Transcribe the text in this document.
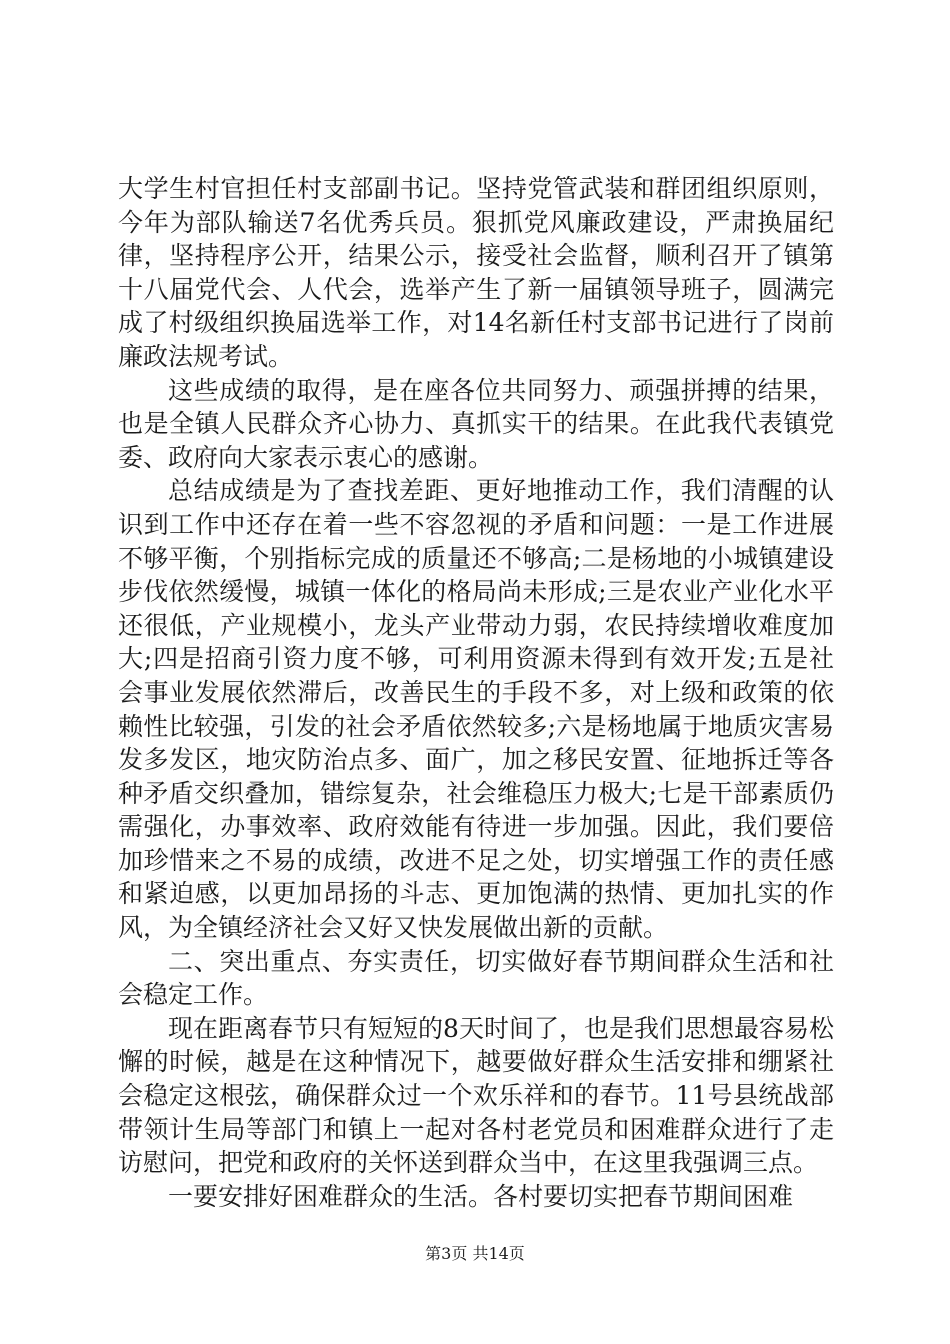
大学生村官担任村支部副书记。坚持党管武装和群团组织原则，今年为部队输送7名优秀兵员。狠抓党风廉政建设，严肃换届纪律，坚持程序公开，结果公示，接受社会监督，顺利召开了镇第十八届党代会、人代会，选举产生了新一届镇领导班子，圆满完成了村级组织换届选举工作，对14名新任村支部书记进行了岗前廉政法规考试。

这些成绩的取得，是在座各位共同努力、顽强拼搏的结果，也是全镇人民群众齐心协力、真抓实干的结果。在此我代表镇党委、政府向大家表示衷心的感谢。

总结成绩是为了查找差距、更好地推动工作，我们清醒的认识到工作中还存在着一些不容忽视的矛盾和问题：一是工作进展不够平衡，个别指标完成的质量还不够高;二是杨地的小城镇建设步伐依然缓慢，城镇一体化的格局尚未形成;三是农业产业化水平还很低，产业规模小，龙头产业带动力弱，农民持续增收难度加大;四是招商引资力度不够，可利用资源未得到有效开发;五是社会事业发展依然滞后，改善民生的手段不多，对上级和政策的依赖性比较强，引发的社会矛盾依然较多;六是杨地属于地质灾害易发多发区，地灾防治点多、面广，加之移民安置、征地拆迁等各种矛盾交织叠加，错综复杂，社会维稳压力极大;七是干部素质仍需强化，办事效率、政府效能有待进一步加强。因此，我们要倍加珍惜来之不易的成绩，改进不足之处，切实增强工作的责任感和紧迫感，以更加昂扬的斗志、更加饱满的热情、更加扎实的作风，为全镇经济社会又好又快发展做出新的贡献。

二、突出重点、夯实责任，切实做好春节期间群众生活和社会稳定工作。

现在距离春节只有短短的8天时间了，也是我们思想最容易松懈的时候，越是在这种情况下，越要做好群众生活安排和绷紧社会稳定这根弦，确保群众过一个欢乐祥和的春节。11号县统战部带领计生局等部门和镇上一起对各村老党员和困难群众进行了走访慰问，把党和政府的关怀送到群众当中，在这里我强调三点。

一要安排好困难群众的生活。各村要切实把春节期间困难

第3页 共14页
